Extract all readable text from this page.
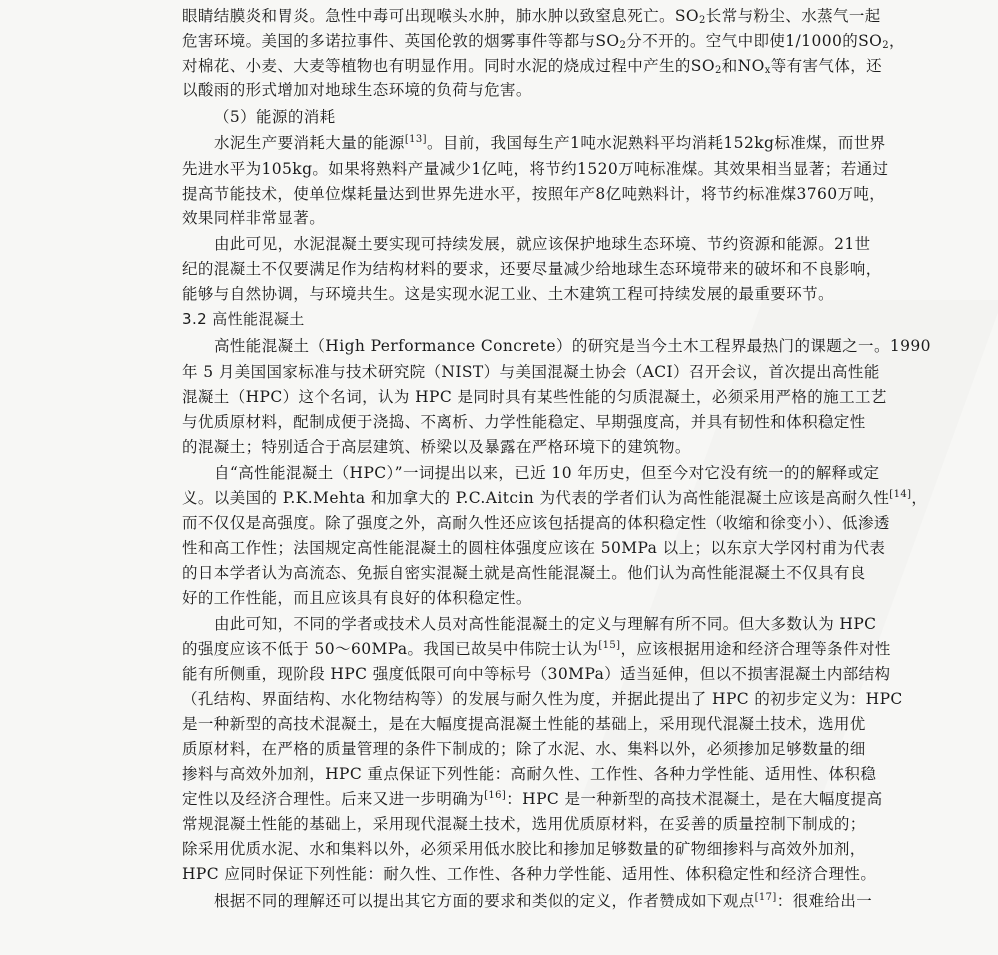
眼睛结膜炎和胃炎。急性中毒可出现喉头水肿，肺水肿以致窒息死亡。$SO_2$长常与粉尘、水蒸气一起
危害环境。美国的多诺拉事件、英国伦敦的烟雾事件等都与$SO_2$分不开的。空气中即使1/1000的$SO_2$，
对棉花、小麦、大麦等植物也有明显作用。同时水泥的烧成过程中产生的$SO_2$和$NO_x$等有害气体，还
以酸雨的形式增加对地球生态环境的负荷与危害。
（5）能源的消耗
水泥生产要消耗大量的能源[13]。目前，我国每生产1吨水泥熟料平均消耗152kg标准煤，而世界
先进水平为105kg。如果将熟料产量减少1亿吨，将节约1520万吨标准煤。其效果相当显著；若通过
提高节能技术，使单位煤耗量达到世界先进水平，按照年产8亿吨熟料计，将节约标准煤3760万吨，
效果同样非常显著。
由此可见，水泥混凝土要实现可持续发展，就应该保护地球生态环境、节约资源和能源。21世
纪的混凝土不仅要满足作为结构材料的要求，还要尽量减少给地球生态环境带来的破坏和不良影响，
能够与自然协调，与环境共生。这是实现水泥工业、土木建筑工程可持续发展的最重要环节。
3.2 高性能混凝土
高性能混凝土（High Performance Concrete）的研究是当今土木工程界最热门的课题之一。1990
年 5 月美国国家标准与技术研究院（NIST）与美国混凝土协会（ACI）召开会议，首次提出高性能
混凝土（HPC）这个名词，认为 HPC 是同时具有某些性能的匀质混凝土，必须采用严格的施工工艺
与优质原材料，配制成便于浇捣、不离析、力学性能稳定、早期强度高，并具有韧性和体积稳定性
的混凝土；特别适合于高层建筑、桥梁以及暴露在严格环境下的建筑物。
自“高性能混凝土（HPC）”一词提出以来，已近 10 年历史，但至今对它没有统一的的解释或定
义。以美国的 P.K.Mehta 和加拿大的 P.C.Aitcin 为代表的学者们认为高性能混凝土应该是高耐久性[14]，
而不仅仅是高强度。除了强度之外，高耐久性还应该包括提高的体积稳定性（收缩和徐变小）、低渗透
性和高工作性；法国规定高性能混凝土的圆柱体强度应该在 50MPa 以上；以东京大学冈村甫为代表
的日本学者认为高流态、免振自密实混凝土就是高性能混凝土。他们认为高性能混凝土不仅具有良
好的工作性能，而且应该具有良好的体积稳定性。
由此可知，不同的学者或技术人员对高性能混凝土的定义与理解有所不同。但大多数认为 HPC
的强度应该不低于 50～60MPa。我国已故吴中伟院士认为[15]，应该根据用途和经济合理等条件对性
能有所侧重，现阶段 HPC 强度低限可向中等标号（30MPa）适当延伸，但以不损害混凝土内部结构
（孔结构、界面结构、水化物结构等）的发展与耐久性为度，并据此提出了 HPC 的初步定义为：HPC
是一种新型的高技术混凝土，是在大幅度提高混凝土性能的基础上，采用现代混凝土技术，选用优
质原材料，在严格的质量管理的条件下制成的；除了水泥、水、集料以外，必须掺加足够数量的细
掺料与高效外加剂，HPC 重点保证下列性能：高耐久性、工作性、各种力学性能、适用性、体积稳
定性以及经济合理性。后来又进一步明确为[16]：HPC 是一种新型的高技术混凝土，是在大幅度提高
常规混凝土性能的基础上，采用现代混凝土技术，选用优质原材料，在妥善的质量控制下制成的；
除采用优质水泥、水和集料以外，必须采用低水胶比和掺加足够数量的矿物细掺料与高效外加剂，
HPC 应同时保证下列性能：耐久性、工作性、各种力学性能、适用性、体积稳定性和经济合理性。
根据不同的理解还可以提出其它方面的要求和类似的定义，作者赞成如下观点[17]：很难给出一
